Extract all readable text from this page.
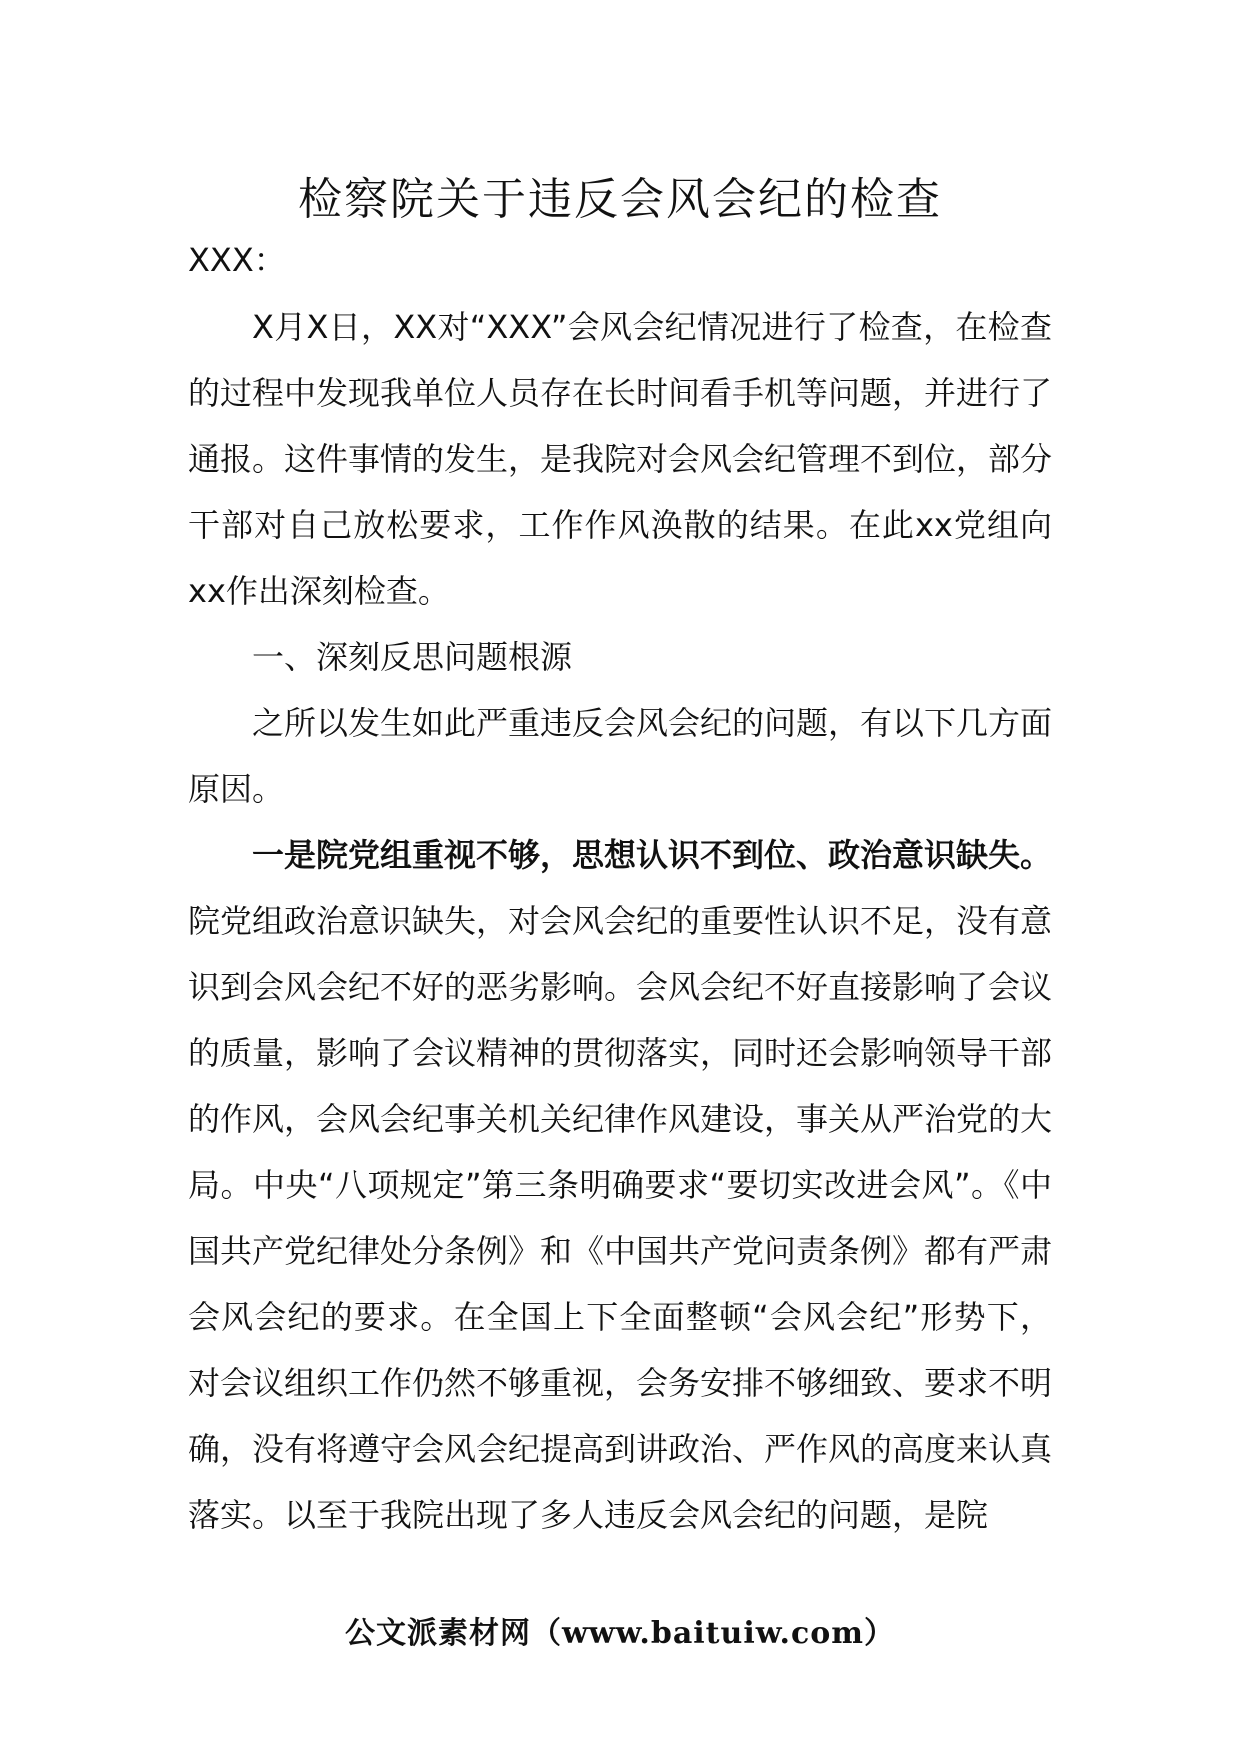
检察院关于违反会风会纪的检查
XXX：

X月X日，XX对“XXX”会风会纪情况进行了检查，在检查的过程中发现我单位人员存在长时间看手机等问题，并进行了通报。这件事情的发生，是我院对会风会纪管理不到位，部分干部对自己放松要求，工作作风涣散的结果。在此xx党组向xx作出深刻检查。

一、深刻反思问题根源

之所以发生如此严重违反会风会纪的问题，有以下几方面原因。

一是院党组重视不够，思想认识不到位、政治意识缺失。院党组政治意识缺失，对会风会纪的重要性认识不足，没有意识到会风会纪不好的恶劣影响。会风会纪不好直接影响了会议的质量，影响了会议精神的贯彻落实，同时还会影响领导干部的作风，会风会纪事关机关纪律作风建设，事关从严治党的大局。中央“八项规定”第三条明确要求“要切实改进会风”。《中国共产党纪律处分条例》和《中国共产党问责条例》都有严肃会风会纪的要求。在全国上下全面整顿“会风会纪”形势下，对会议组织工作仍然不够重视，会务安排不够细致、要求不明确，没有将遵守会风会纪提高到讲政治、严作风的高度来认真落实。以至于我院出现了多人违反会风会纪的问题，是院

公文派素材网（www.baituiw.com）
